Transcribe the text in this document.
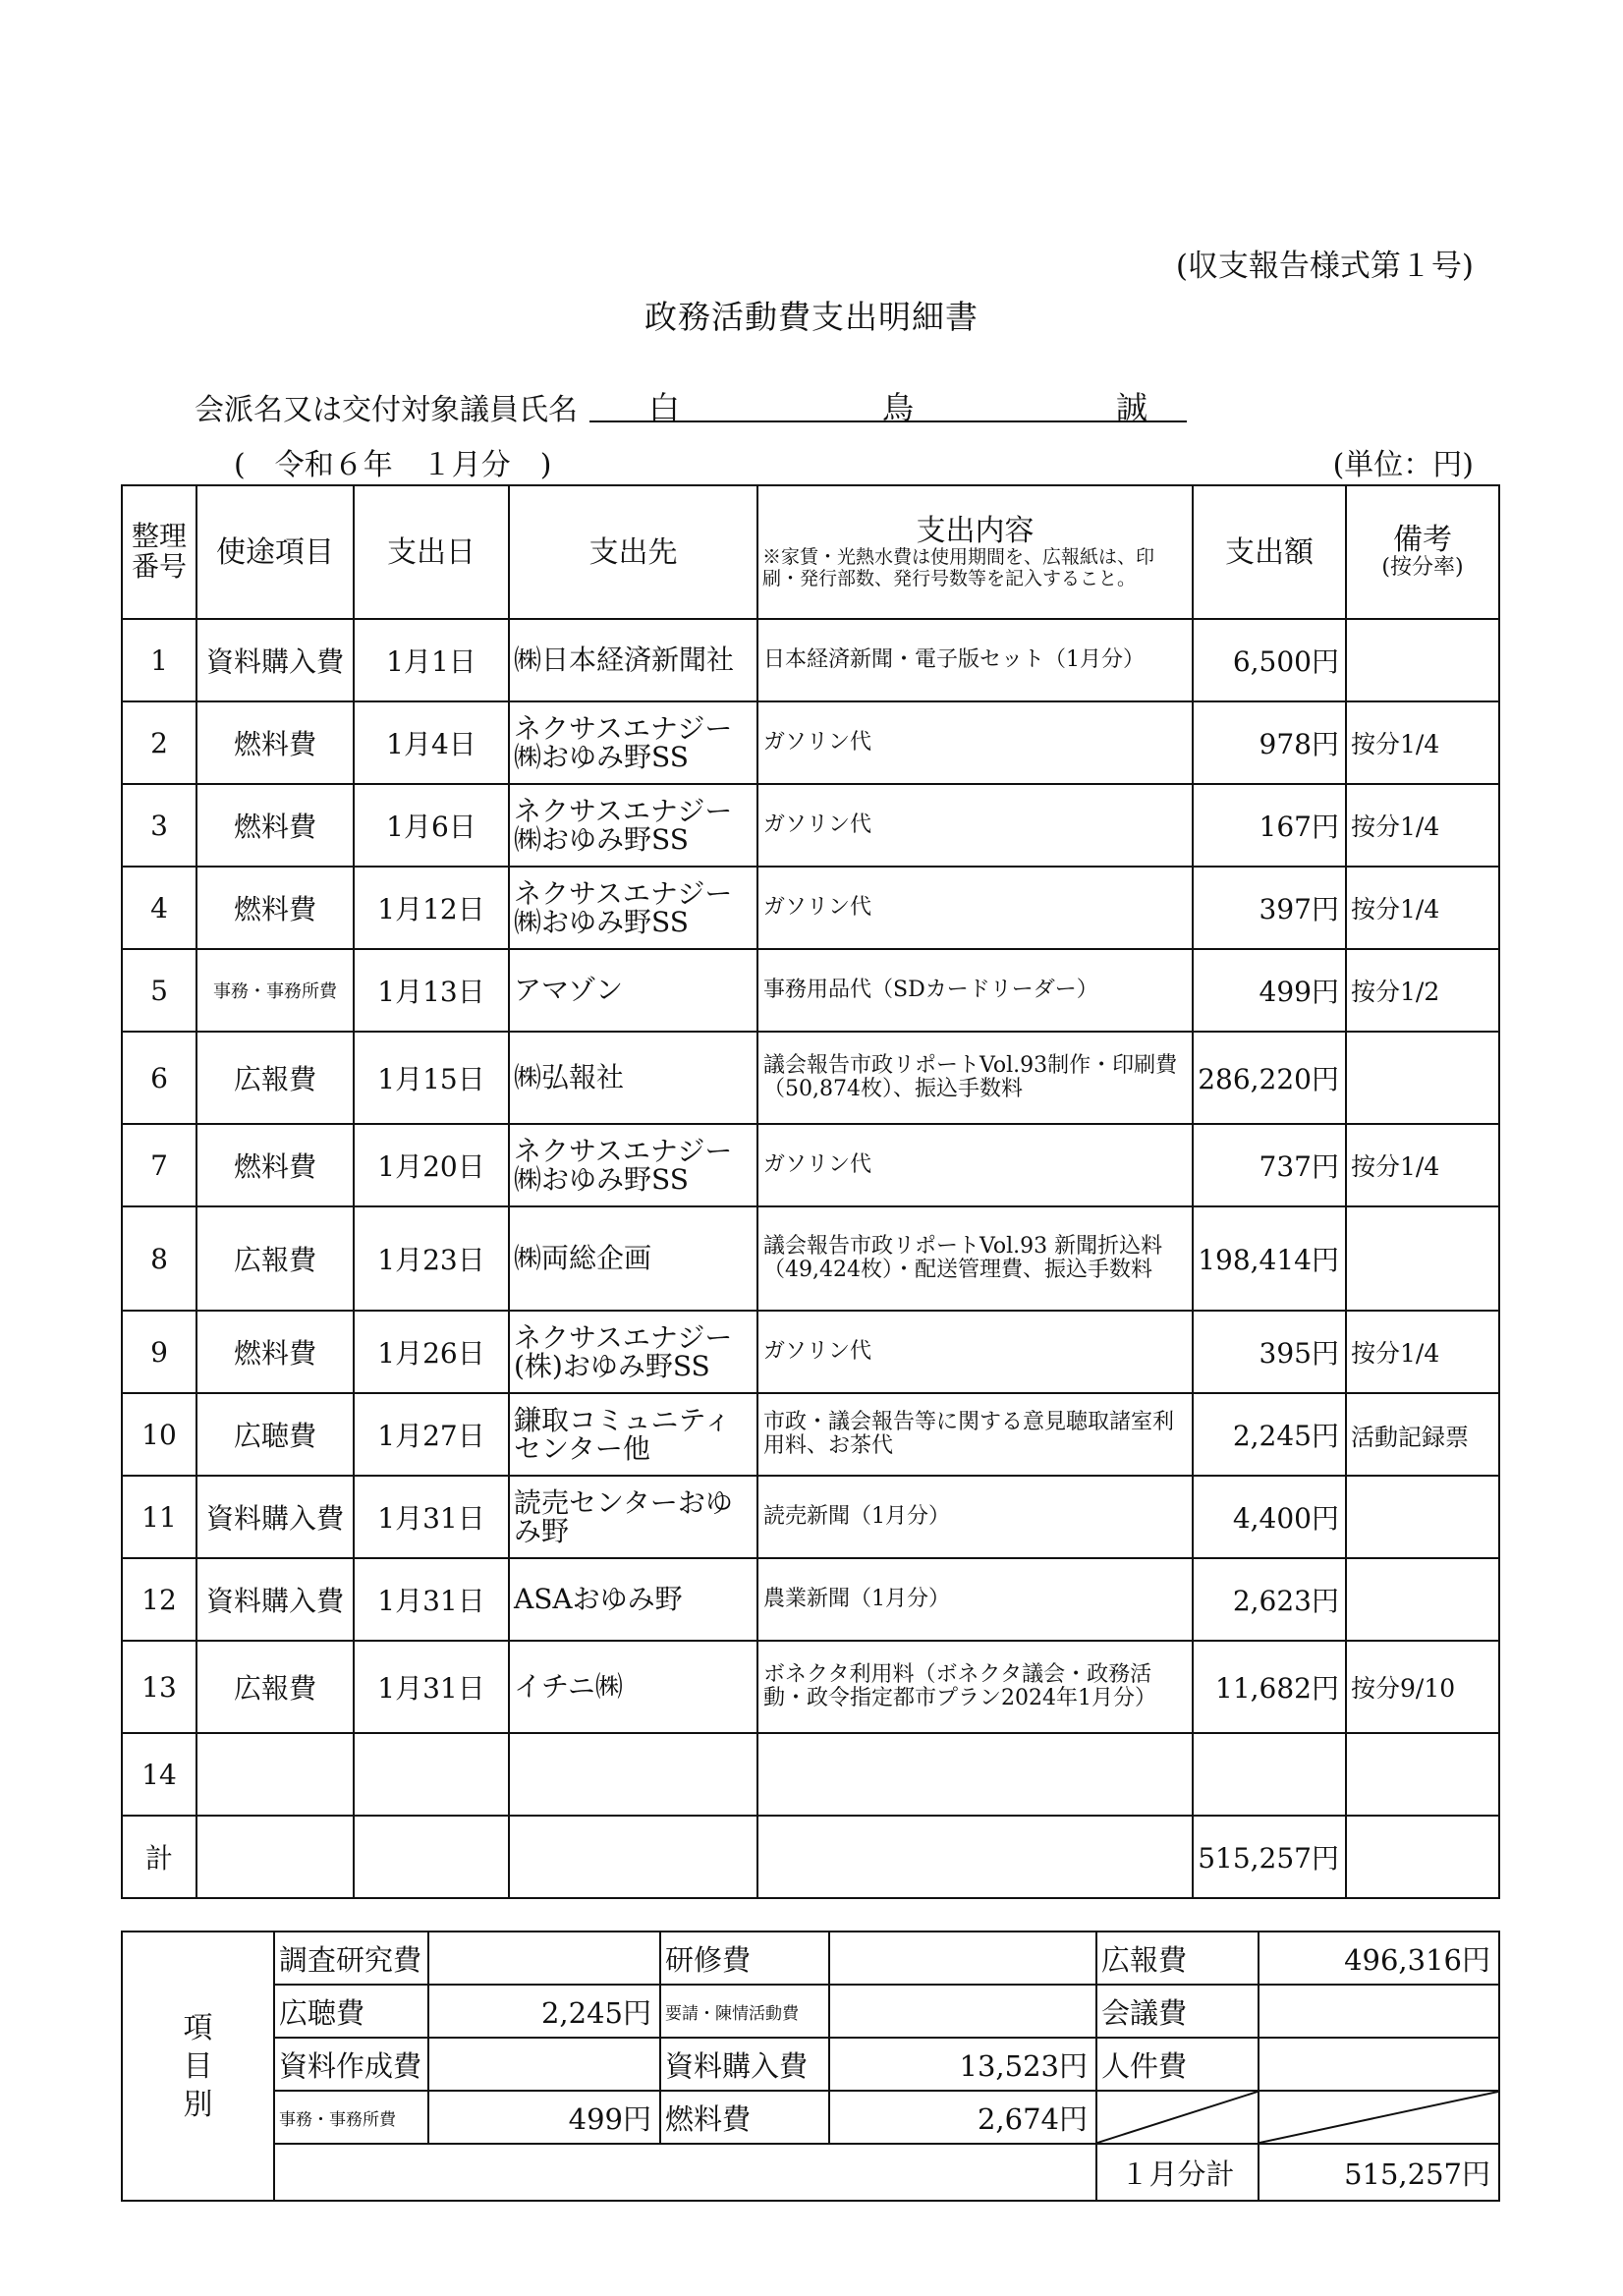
(収支報告様式第１号)
政務活動費支出明細書
会派名又は交付対象議員氏名 白	鳥	誠
(　令和６年　１月分　)	(単位：円)
整理番号	使途項目	支出日	支出先	支出内容
※家賃・光熱水費は使用期間を、広報紙は、印刷・発行部数、発行号数等を記入すること。	支出額	備考
(按分率)

1	資料購入費	1月1日	㈱日本経済新聞社	日本経済新聞・電子版セット（1月分）	6,500円	
2	燃料費	1月4日	ネクサスエナジー㈱おゆみ野SS	ガソリン代	978円	按分1/4
3	燃料費	1月6日	ネクサスエナジー㈱おゆみ野SS	ガソリン代	167円	按分1/4
4	燃料費	1月12日	ネクサスエナジー㈱おゆみ野SS	ガソリン代	397円	按分1/4
5	事務・事務所費	1月13日	アマゾン	事務用品代（SDカードリーダー）	499円	按分1/2
6	広報費	1月15日	㈱弘報社	議会報告市政リポートVol.93制作・印刷費（50,874枚）、振込手数料	286,220円	
7	燃料費	1月20日	ネクサスエナジー㈱おゆみ野SS	ガソリン代	737円	按分1/4
8	広報費	1月23日	㈱両総企画	議会報告市政リポートVol.93 新聞折込料（49,424枚）・配送管理費、振込手数料	198,414円	
9	燃料費	1月26日	ネクサスエナジー(株)おゆみ野SS	ガソリン代	395円	按分1/4
10	広聴費	1月27日	鎌取コミュニティセンター他	市政・議会報告等に関する意見聴取諸室利用料、お茶代	2,245円	活動記録票
11	資料購入費	1月31日	読売センターおゆみ野	読売新聞（1月分）	4,400円	
12	資料購入費	1月31日	ASAおゆみ野	農業新聞（1月分）	2,623円	
13	広報費	1月31日	イチニ㈱	ボネクタ利用料（ボネクタ議会・政務活動・政令指定都市プラン2024年1月分）	11,682円	按分9/10
14						
計					515,257円	
項
目
別	調査研究費		研修費		広報費	496,316円
	広聴費	2,245円	要請・陳情活動費		会議費	
	資料作成費		資料購入費	13,523円	人件費	
	事務・事務所費	499円	燃料費	2,674円	

					１月分計	515,257円
